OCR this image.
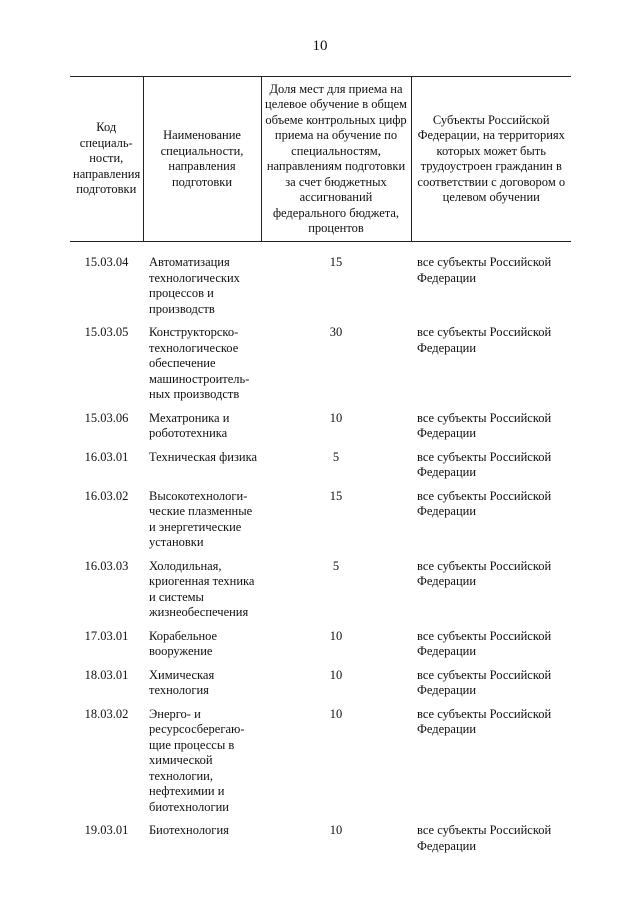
10
Код специаль-ности, направления подготовки	Наименование специальности, направления подготовки	Доля мест для приема на целевое обучение в общем объеме контрольных цифр приема на обучение по специальностям, направлениям подготовки за счет бюджетных ассигнований федерального бюджета, процентов	Субъекты Российской Федерации, на территориях которых может быть трудоустроен гражданин в соответствии с договором о целевом обучении
15.03.04	Автоматизация технологических процессов и производств	15	все субъекты Российской Федерации
15.03.05	Конструкторско-технологическое обеспечение машиностроитель-ных производств	30	все субъекты Российской Федерации
15.03.06	Мехатроника и робототехника	10	все субъекты Российской Федерации
16.03.01	Техническая физика	5	все субъекты Российской Федерации
16.03.02	Высокотехнологи-ческие плазменные и энергетические установки	15	все субъекты Российской Федерации
16.03.03	Холодильная, криогенная техника и системы жизнеобеспечения	5	все субъекты Российской Федерации
17.03.01	Корабельное вооружение	10	все субъекты Российской Федерации
18.03.01	Химическая технология	10	все субъекты Российской Федерации
18.03.02	Энерго- и ресурсосберегаю-щие процессы в химической технологии, нефтехимии и биотехнологии	10	все субъекты Российской Федерации
19.03.01	Биотехнология	10	все субъекты Российской Федерации
